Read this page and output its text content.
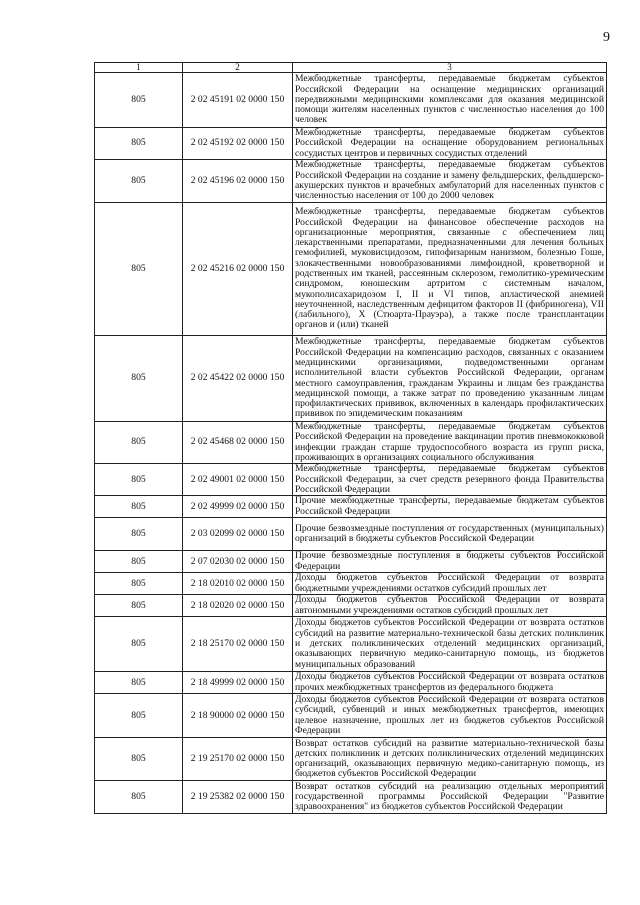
9
1	2	3
805	2 02 45191 02 0000 150	Межбюджетные трансферты, передаваемые бюджетам субъектов Российской Федерации на оснащение медицинских организаций передвижными медицинскими комплексами для оказания медицинской помощи жителям населенных пунктов с численностью населения до 100 человек
805	2 02 45192 02 0000 150	Межбюджетные трансферты, передаваемые бюджетам субъектов Российской Федерации на оснащение оборудованием региональных сосудистых центров и первичных сосудистых отделений
805	2 02 45196 02 0000 150	Межбюджетные трансферты, передаваемые бюджетам субъектов Российской Федерации на создание и замену фельдшерских, фельдшерско-акушерских пунктов и врачебных амбулаторий для населенных пунктов с численностью населения от 100 до 2000 человек
805	2 02 45216 02 0000 150	Межбюджетные трансферты, передаваемые бюджетам субъектов Российской Федерации на финансовое обеспечение расходов на организационные мероприятия, связанные с обеспечением лиц лекарственными препаратами, предназначенными для лечения больных гемофилией, муковисцидозом, гипофизарным нанизмом, болезнью Гоше, злокачественными новообразованиями лимфоидной, кроветворной и родственных им тканей, рассеянным склерозом, гемолитико-уремическим синдромом, юношеским артритом с системным началом, мукополисахаридозом I, II и VI типов, апластической анемией неуточненной, наследственным дефицитом факторов II (фибриногена), VII (лабильного), X (Стюарта-Прауэра), а также после трансплантации органов и (или) тканей
805	2 02 45422 02 0000 150	Межбюджетные трансферты, передаваемые бюджетам субъектов Российской Федерации на компенсацию расходов, связанных с оказанием медицинскими организациями, подведомственными органам исполнительной власти субъектов Российской Федерации, органам местного самоуправления, гражданам Украины и лицам без гражданства медицинской помощи, а также затрат по проведению указанным лицам профилактических прививок, включенных в календарь профилактических прививок по эпидемическим показаниям
805	2 02 45468 02 0000 150	Межбюджетные трансферты, передаваемые бюджетам субъектов Российской Федерации на проведение вакцинации против пневмококковой инфекции граждан старше трудоспособного возраста из групп риска, проживающих в организациях социального обслуживания
805	2 02 49001 02 0000 150	Межбюджетные трансферты, передаваемые бюджетам субъектов Российской Федерации, за счет средств резервного фонда Правительства Российской Федерации
805	2 02 49999 02 0000 150	Прочие межбюджетные трансферты, передаваемые бюджетам субъектов Российской Федерации
805	2 03 02099 02 0000 150	Прочие безвозмездные поступления от государственных (муниципальных) организаций в бюджеты субъектов Российской Федерации
805	2 07 02030 02 0000 150	Прочие безвозмездные поступления в бюджеты субъектов Российской Федерации
805	2 18 02010 02 0000 150	Доходы бюджетов субъектов Российской Федерации от возврата бюджетными учреждениями остатков субсидий прошлых лет
805	2 18 02020 02 0000 150	Доходы бюджетов субъектов Российской Федерации от возврата автономными учреждениями остатков субсидий прошлых лет
805	2 18 25170 02 0000 150	Доходы бюджетов субъектов Российской Федерации от возврата остатков субсидий на развитие материально-технической базы детских поликлиник и детских поликлинических отделений медицинских организаций, оказывающих первичную медико-санитарную помощь, из бюджетов муниципальных образований
805	2 18 49999 02 0000 150	Доходы бюджетов субъектов Российской Федерации от возврата остатков прочих межбюджетных трансфертов из федерального бюджета
805	2 18 90000 02 0000 150	Доходы бюджетов субъектов Российской Федерации от возврата остатков субсидий, субвенций и иных межбюджетных трансфертов, имеющих целевое назначение, прошлых лет из бюджетов субъектов Российской Федерации
805	2 19 25170 02 0000 150	Возврат остатков субсидий на развитие материально-технической базы детских поликлиник и детских поликлинических отделений медицинских организаций, оказывающих первичную медико-санитарную помощь, из бюджетов субъектов Российской Федерации
805	2 19 25382 02 0000 150	Возврат остатков субсидий на реализацию отдельных мероприятий государственной программы Российской Федерации "Развитие здравоохранения" из бюджетов субъектов Российской Федерации
